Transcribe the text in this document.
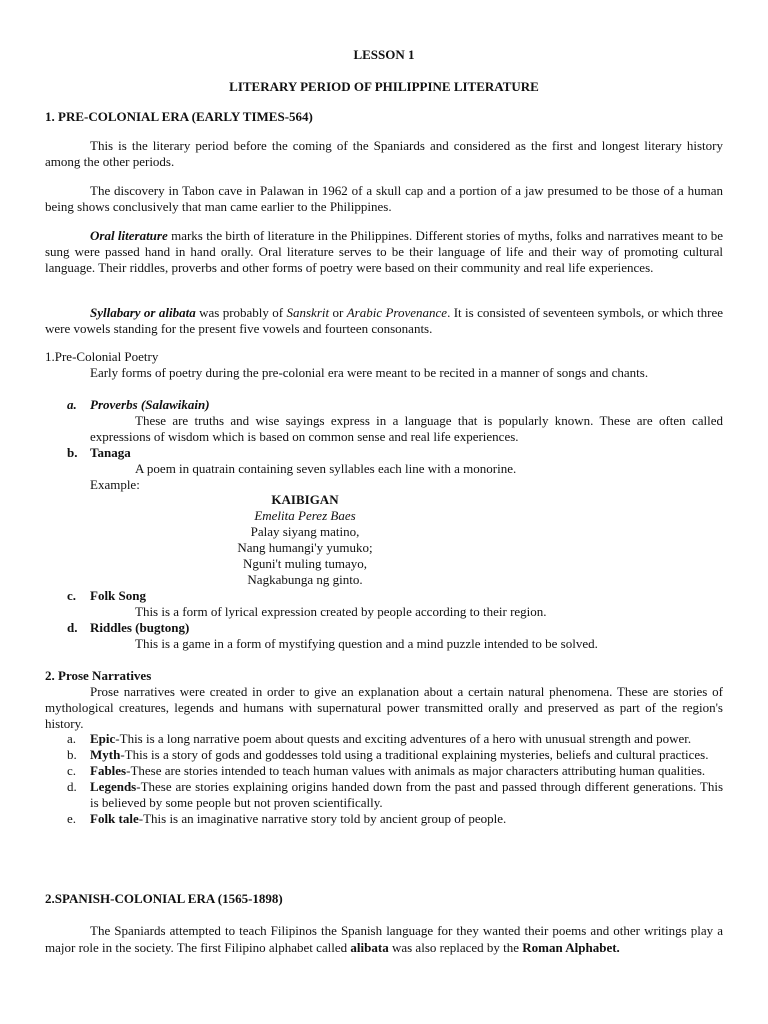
LESSON 1
LITERARY PERIOD OF PHILIPPINE LITERATURE
1. PRE-COLONIAL ERA (EARLY TIMES-564)

This is the literary period before the coming of the Spaniards and considered as the first and longest literary history among the other periods.

The discovery in Tabon cave in Palawan in 1962 of a skull cap and a portion of a jaw presumed to be those of a human being shows conclusively that man came earlier to the Philippines.

Oral literature marks the birth of literature in the Philippines. Different stories of myths, folks and narratives meant to be sung were passed hand in hand orally. Oral literature serves to be their language of life and their way of promoting cultural language. Their riddles, proverbs and other forms of poetry were based on their community and real life experiences.

Syllabary or alibata was probably of Sanskrit or Arabic Provenance. It is consisted of seventeen symbols, or which three were vowels standing for the present five vowels and fourteen consonants.

1.Pre-Colonial Poetry
Early forms of poetry during the pre-colonial era were meant to be recited in a manner of songs and chants.
a. Proverbs (Salawikain)

These are truths and wise sayings express in a language that is popularly known. These are often called expressions of wisdom which is based on common sense and real life experiences.

b. Tanaga
A poem in quatrain containing seven syllables each line with a monorine.
Example:
KAIBIGAN
Emelita Perez Baes
Palay siyang matino,
Nang humangi'y yumuko;
Nguni't muling tumayo,
Nagkabunga ng ginto.
c. Folk Song
This is a form of lyrical expression created by people according to their region.
d. Riddles (bugtong)
This is a game in a form of mystifying question and a mind puzzle intended to be solved.
2. Prose Narratives

Prose narratives were created in order to give an explanation about a certain natural phenomena. These are stories of mythological creatures, legends and humans with supernatural power transmitted orally and preserved as part of the region's history.

a. Epic-This is a long narrative poem about quests and exciting adventures of a hero with unusual strength and power.
b. Myth-This is a story of gods and goddesses told using a traditional explaining mysteries, beliefs and cultural practices.
c. Fables-These are stories intended to teach human values with animals as major characters attributing human qualities.
d. Legends-These are stories explaining origins handed down from the past and passed through different generations. This is believed by some people but not proven scientifically.
e. Folk tale-This is an imaginative narrative story told by ancient group of people.
2.SPANISH-COLONIAL ERA (1565-1898)

The Spaniards attempted to teach Filipinos the Spanish language for they wanted their poems and other writings play a major role in the society. The first Filipino alphabet called alibata was also replaced by the Roman Alphabet.
